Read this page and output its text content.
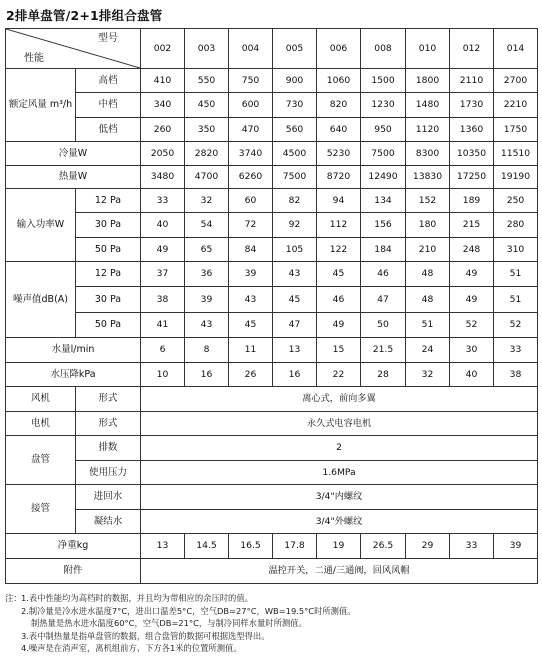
2排单盘管/2+1排组合盘管
型号
性能		002	003	004	005	006	008	010	012	014
额定风量 m³/h	高档	410	550	750	900	1060	1500	1800	2110	2700
	中档	340	450	600	730	820	1230	1480	1730	2210
	低档	260	350	470	560	640	950	1120	1360	1750
冷量W		2050	2820	3740	4500	5230	7500	8300	10350	11510
热量W		3480	4700	6260	7500	8720	12490	13830	17250	19190
输入功率W	12 Pa	33	32	60	82	94	134	152	189	250
	30 Pa	40	54	72	92	112	156	180	215	280
	50 Pa	49	65	84	105	122	184	210	248	310
噪声值dB(A)	12 Pa	37	36	39	43	45	46	48	49	51
	30 Pa	38	39	43	45	46	47	48	49	51
	50 Pa	41	43	45	47	49	50	51	52	52
水量l/min		6	8	11	13	15	21.5	24	30	33
水压降kPa		10	16	26	16	22	28	32	40	38
风机	形式	离心式，前向多翼								
电机	形式	永久式电容电机								
盘管	排数	2								
	使用压力	1.6MPa								
接管	进回水	3/4"内螺纹								
	凝结水	3/4"外螺纹								
净重kg		13	14.5	16.5	17.8	19	26.5	29	33	39
附件		温控开关，二通/三通阀，回风风帽								
注： 1.表中性能均为高档时的数据，并且均为带相应的余压时的值。
2.制冷量是冷水进水温度7°C，进出口温差5°C，空气DB=27°C，WB=19.5°C时所测值。
制热量是热水进水温度60°C，空气DB=21°C，与制冷同样水量时所测值。
3.表中制热量是指单盘管的数据，组合盘管的数据可根据选型得出。
4.噪声是在消声室，离机组前方、下方各1米的位置所测值。
